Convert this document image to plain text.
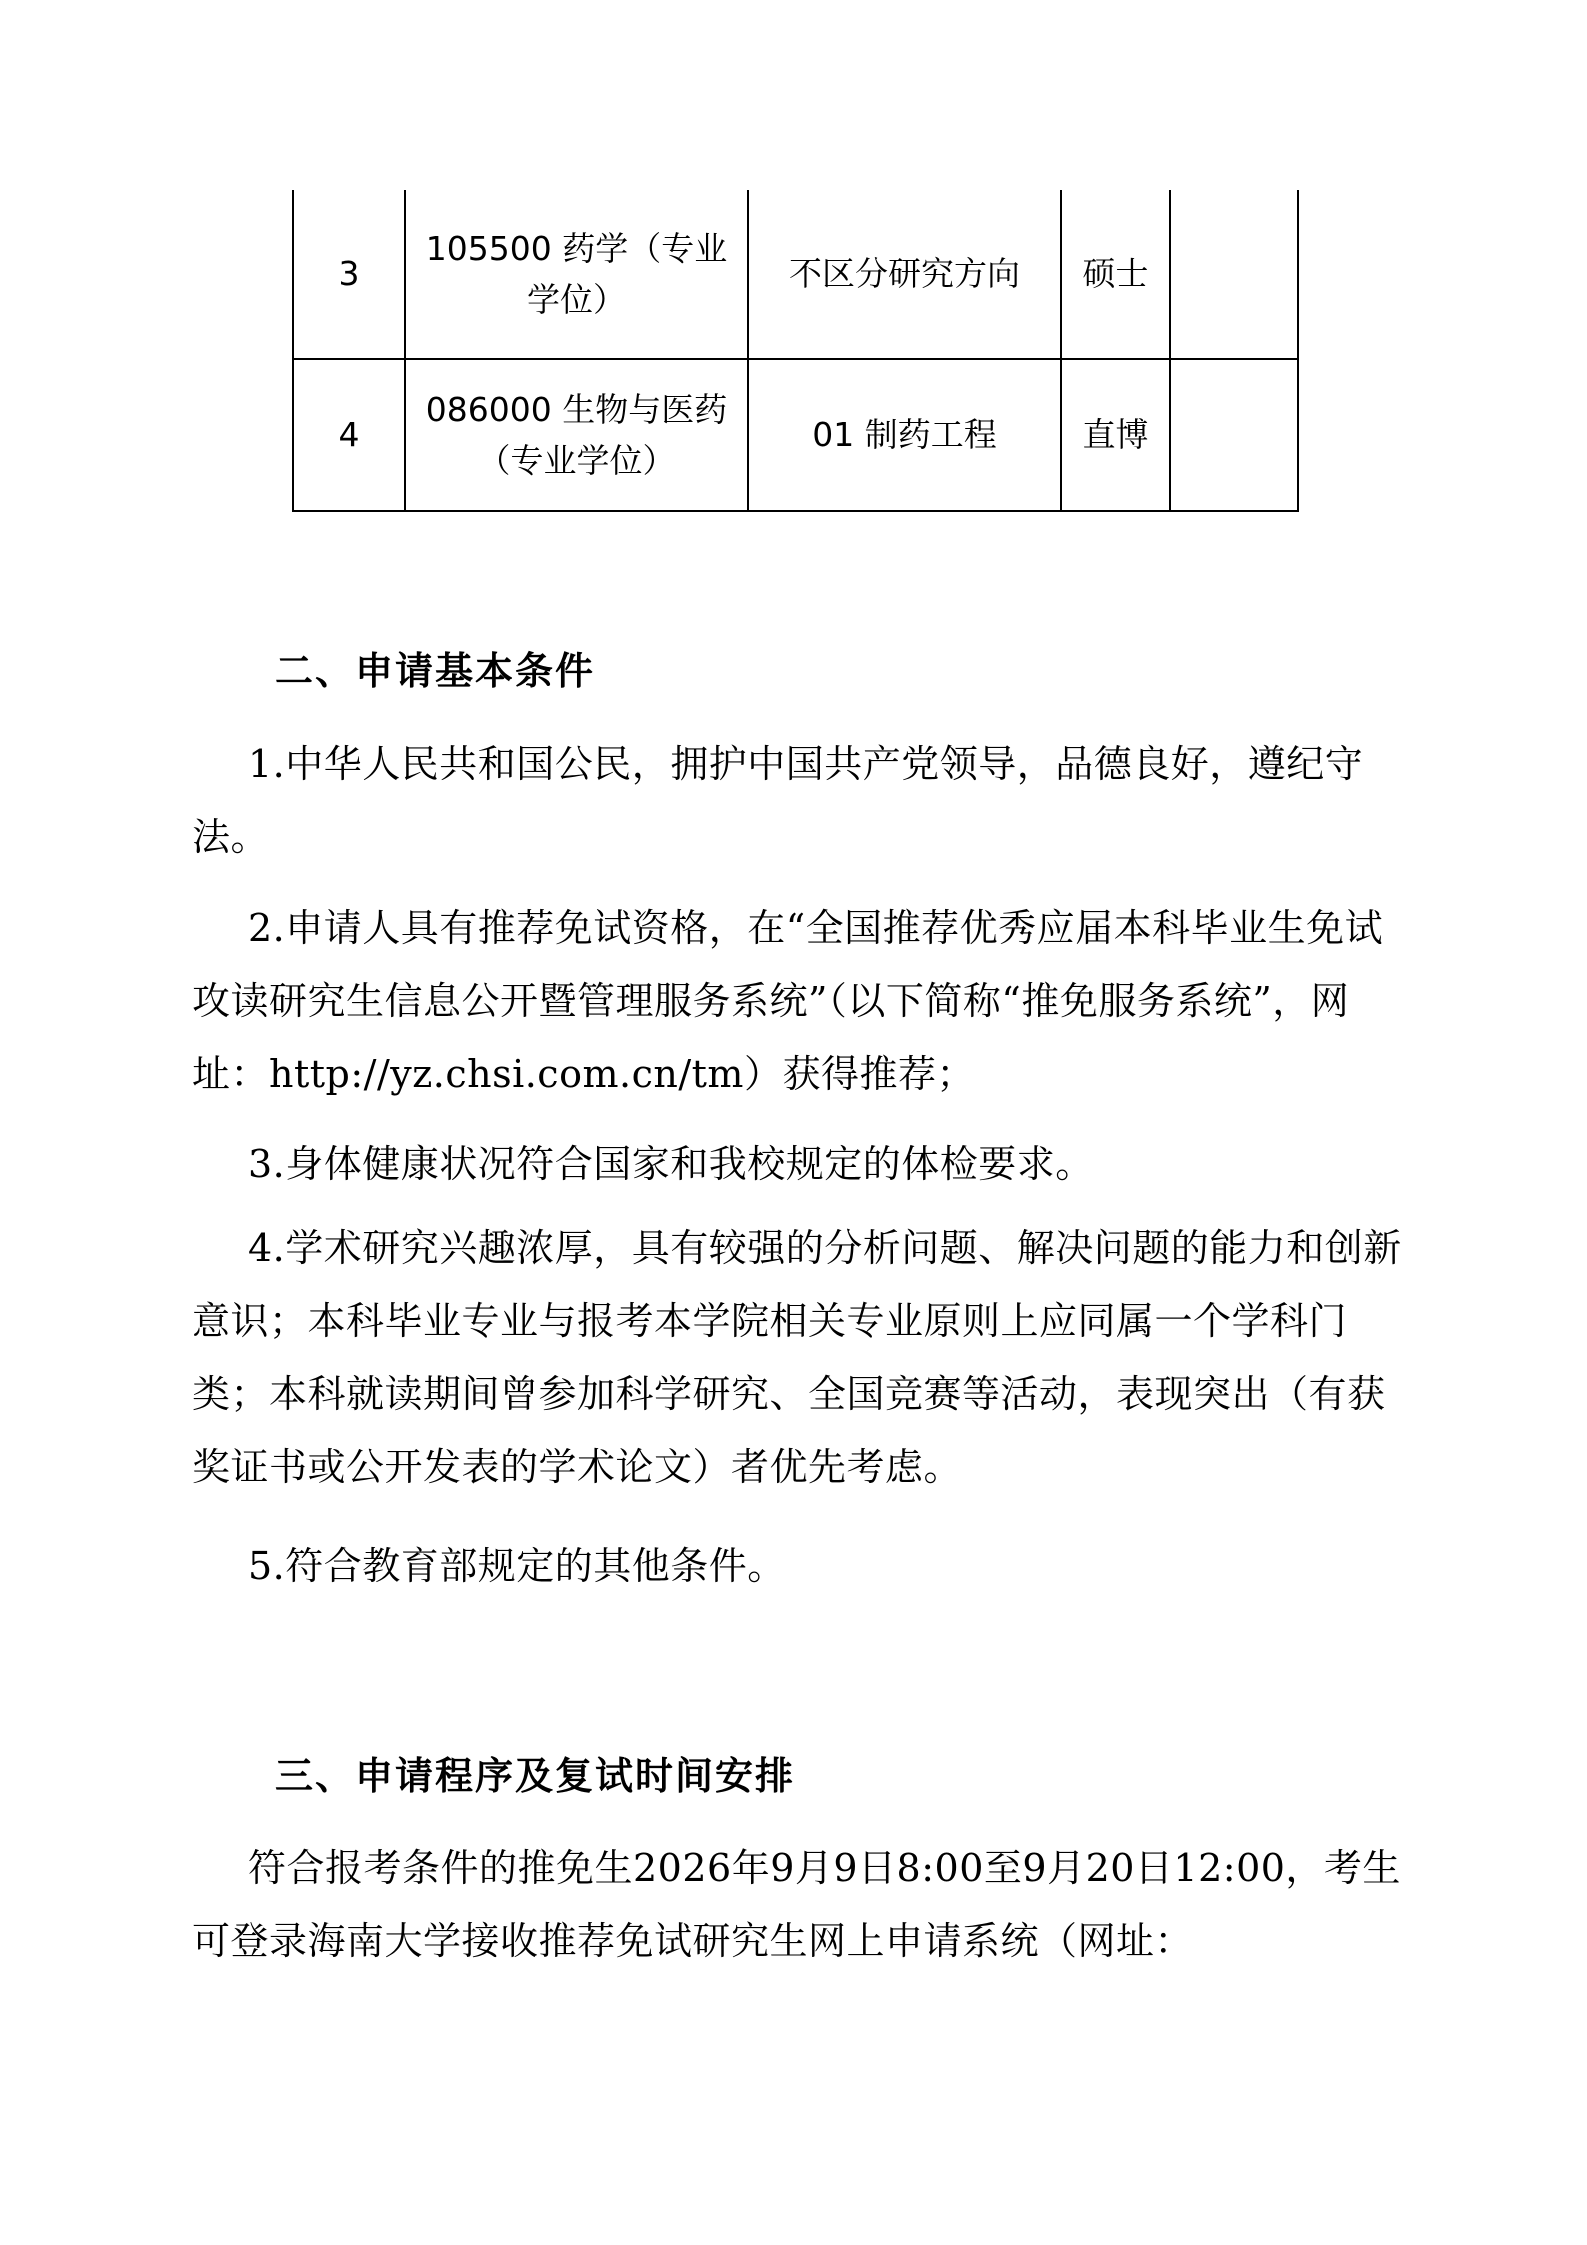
3	105500 药学（专业学位）	不区分研究方向	硕士	
4	086000 生物与医药（专业学位）	01 制药工程	直博	
二、申请基本条件

1.中华人民共和国公民，拥护中国共产党领导，品德良好，遵纪守法。

2.申请人具有推荐免试资格，在“全国推荐优秀应届本科毕业生免试攻读研究生信息公开暨管理服务系统”（以下简称“推免服务系统”，网址：http://yz.chsi.com.cn/tm）获得推荐；

3.身体健康状况符合国家和我校规定的体检要求。

4.学术研究兴趣浓厚，具有较强的分析问题、解决问题的能力和创新意识；本科毕业专业与报考本学院相关专业原则上应同属一个学科门类；本科就读期间曾参加科学研究、全国竞赛等活动，表现突出（有获奖证书或公开发表的学术论文）者优先考虑。

5.符合教育部规定的其他条件。

三、申请程序及复试时间安排

符合报考条件的推免生2026年9月9日8:00至9月20日12:00，考生可登录海南大学接收推荐免试研究生网上申请系统（网址：
